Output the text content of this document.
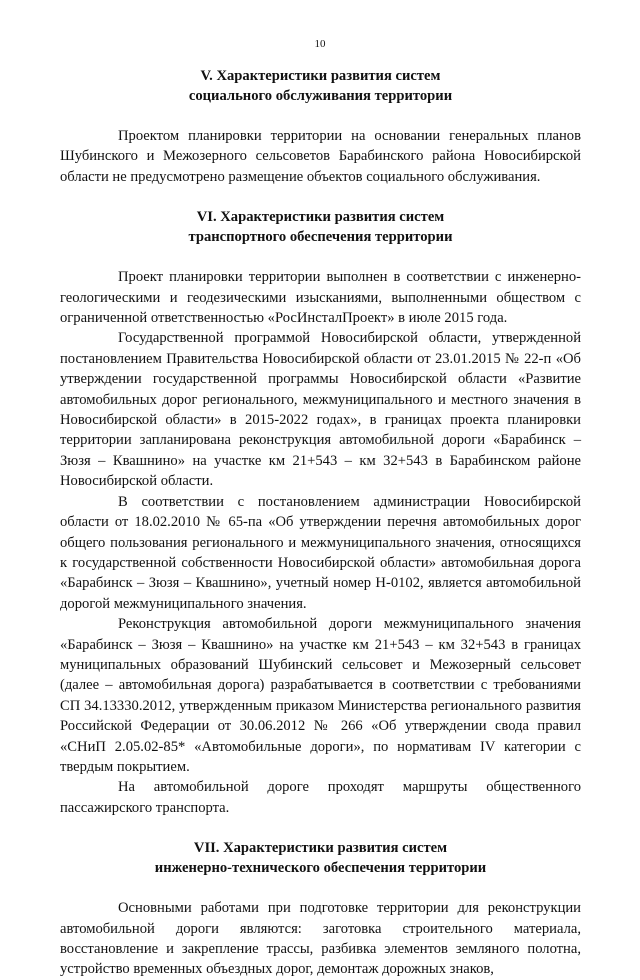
10
V. Характеристики развития систем
социального обслуживания территории

Проектом планировки территории на основании генеральных планов Шубинского и Межозерного сельсоветов Барабинского района Новосибирской области не предусмотрено размещение объектов социального обслуживания.

VI. Характеристики развития систем
транспортного обеспечения территории

Проект планировки территории выполнен в соответствии с инженерно-геологическими и геодезическими изысканиями, выполненными обществом с ограниченной ответственностью «РосИнсталПроект» в июле 2015 года.

Государственной программой Новосибирской области, утвержденной постановлением Правительства Новосибирской области от 23.01.2015 № 22-п «Об утверждении государственной программы Новосибирской области «Развитие автомобильных дорог регионального, межмуниципального и местного значения в Новосибирской области» в 2015-2022 годах», в границах проекта планировки территории запланирована реконструкция автомобильной дороги «Барабинск – Зюзя – Квашнино» на участке км 21+543 – км 32+543 в Барабинском районе Новосибирской области.

В соответствии с постановлением администрации Новосибирской области от 18.02.2010 № 65-па «Об утверждении перечня автомобильных дорог общего пользования регионального и межмуниципального значения, относящихся к государственной собственности Новосибирской области» автомобильная дорога «Барабинск – Зюзя – Квашнино», учетный номер Н-0102, является автомобильной дорогой межмуниципального значения.

Реконструкция автомобильной дороги межмуниципального значения «Барабинск – Зюзя – Квашнино» на участке км 21+543 – км 32+543 в границах муниципальных образований Шубинский сельсовет и Межозерный сельсовет (далее – автомобильная дорога) разрабатывается в соответствии с требованиями СП 34.13330.2012, утвержденным приказом Министерства регионального развития Российской Федерации от 30.06.2012 № 266 «Об утверждении свода правил «СНиП 2.05.02-85* «Автомобильные дороги», по нормативам IV категории с твердым покрытием.

На автомобильной дороге проходят маршруты общественного пассажирского транспорта.

VII. Характеристики развития систем
инженерно-технического обеспечения территории

Основными работами при подготовке территории для реконструкции автомобильной дороги являются: заготовка строительного материала, восстановление и закрепление трассы, разбивка элементов земляного полотна, устройство временных объездных дорог, демонтаж дорожных знаков,
